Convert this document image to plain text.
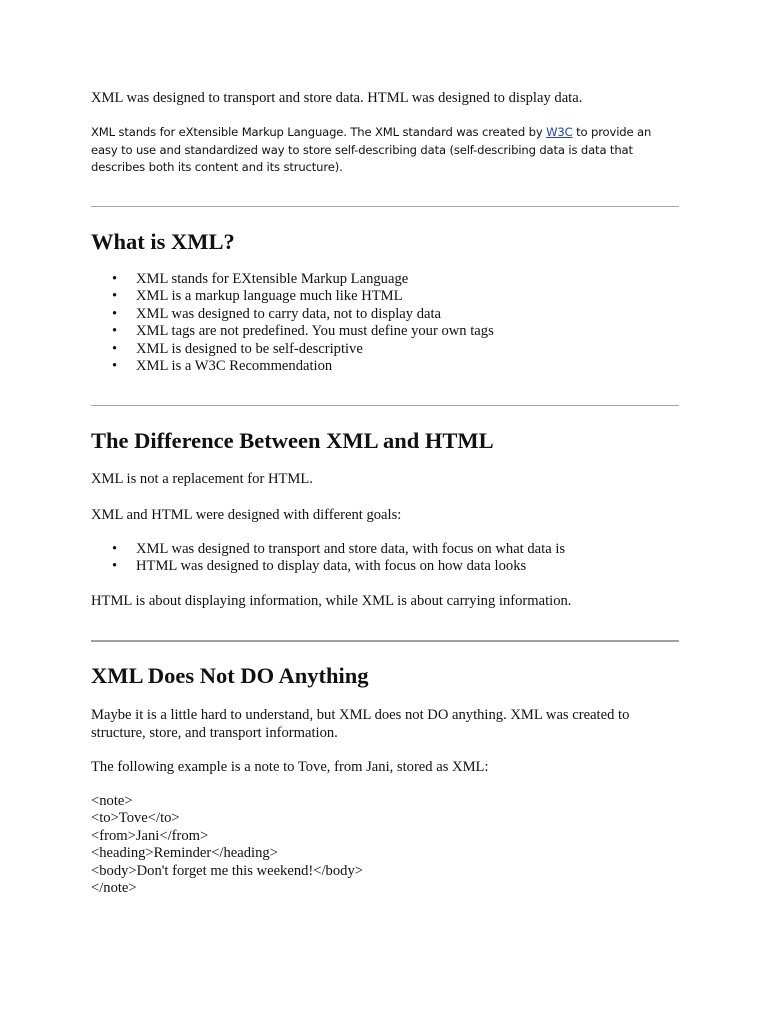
XML was designed to transport and store data. HTML was designed to display data.

XML stands for eXtensible Markup Language. The XML standard was created by W3C to provide an easy to use and standardized way to store self-describing data (self-describing data is data that describes both its content and its structure).

What is XML?
• XML stands for EXtensible Markup Language
• XML is a markup language much like HTML
• XML was designed to carry data, not to display data
• XML tags are not predefined. You must define your own tags
• XML is designed to be self-descriptive
• XML is a W3C Recommendation
The Difference Between XML and HTML

XML is not a replacement for HTML.

XML and HTML were designed with different goals:

• XML was designed to transport and store data, with focus on what data is
• HTML was designed to display data, with focus on how data looks

HTML is about displaying information, while XML is about carrying information.

XML Does Not DO Anything

Maybe it is a little hard to understand, but XML does not DO anything. XML was created to structure, store, and transport information.

The following example is a note to Tove, from Jani, stored as XML:

<note>

<to>Tove</to>

<from>Jani</from>

<heading>Reminder</heading>

<body>Don't forget me this weekend!</body>

</note>
